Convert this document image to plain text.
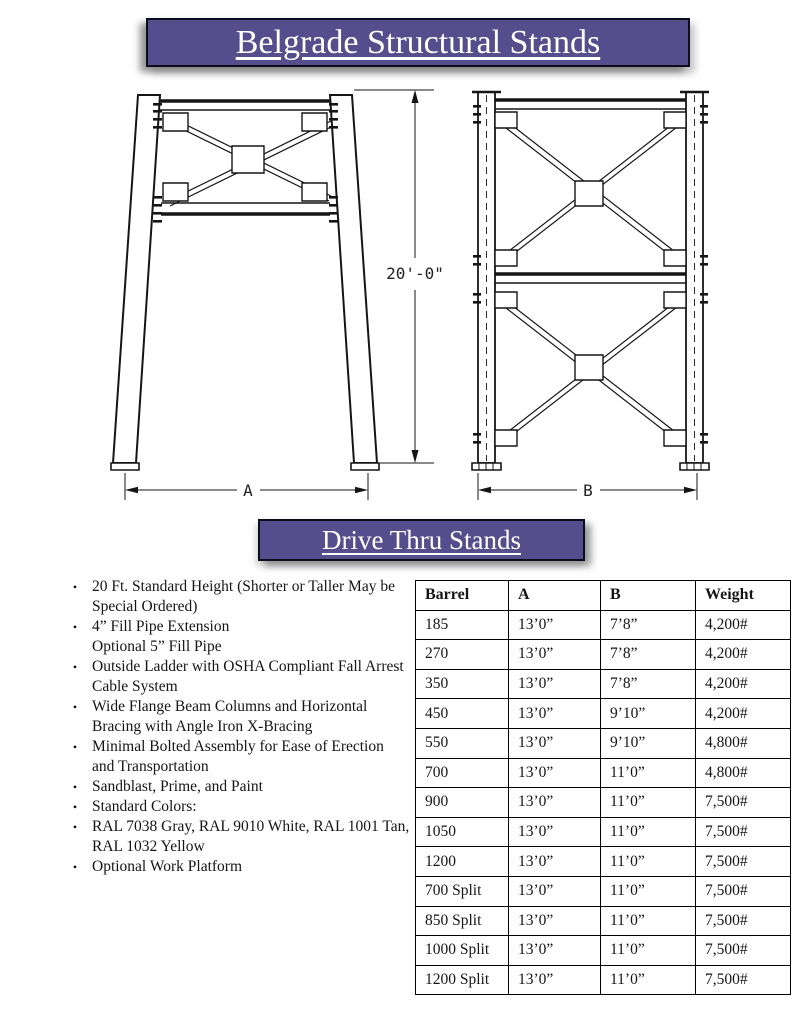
Belgrade Structural Stands
20'-0"
A	B
Drive Thru Stands
• 20 Ft. Standard Height (Shorter or Taller May be Special Ordered)
• 4” Fill Pipe Extension
Optional 5” Fill Pipe
• Outside Ladder with OSHA Compliant Fall Arrest Cable System
• Wide Flange Beam Columns and Horizontal Bracing with Angle Iron X-Bracing
• Minimal Bolted Assembly for Ease of Erection and Transportation
• Sandblast, Prime, and Paint
• Standard Colors:
• RAL 7038 Gray, RAL 9010 White, RAL 1001 Tan, RAL 1032 Yellow
• Optional Work Platform
Barrel	A	B	Weight
185	13’0”	7’8”	4,200#
270	13’0”	7’8”	4,200#
350	13’0”	7’8”	4,200#
450	13’0”	9’10”	4,200#
550	13’0”	9’10”	4,800#
700	13’0”	11’0”	4,800#
900	13’0”	11’0”	7,500#
1050	13’0”	11’0”	7,500#
1200	13’0”	11’0”	7,500#
700 Split	13’0”	11’0”	7,500#
850 Split	13’0”	11’0”	7,500#
1000 Split	13’0”	11’0”	7,500#
1200 Split	13’0”	11’0”	7,500#
